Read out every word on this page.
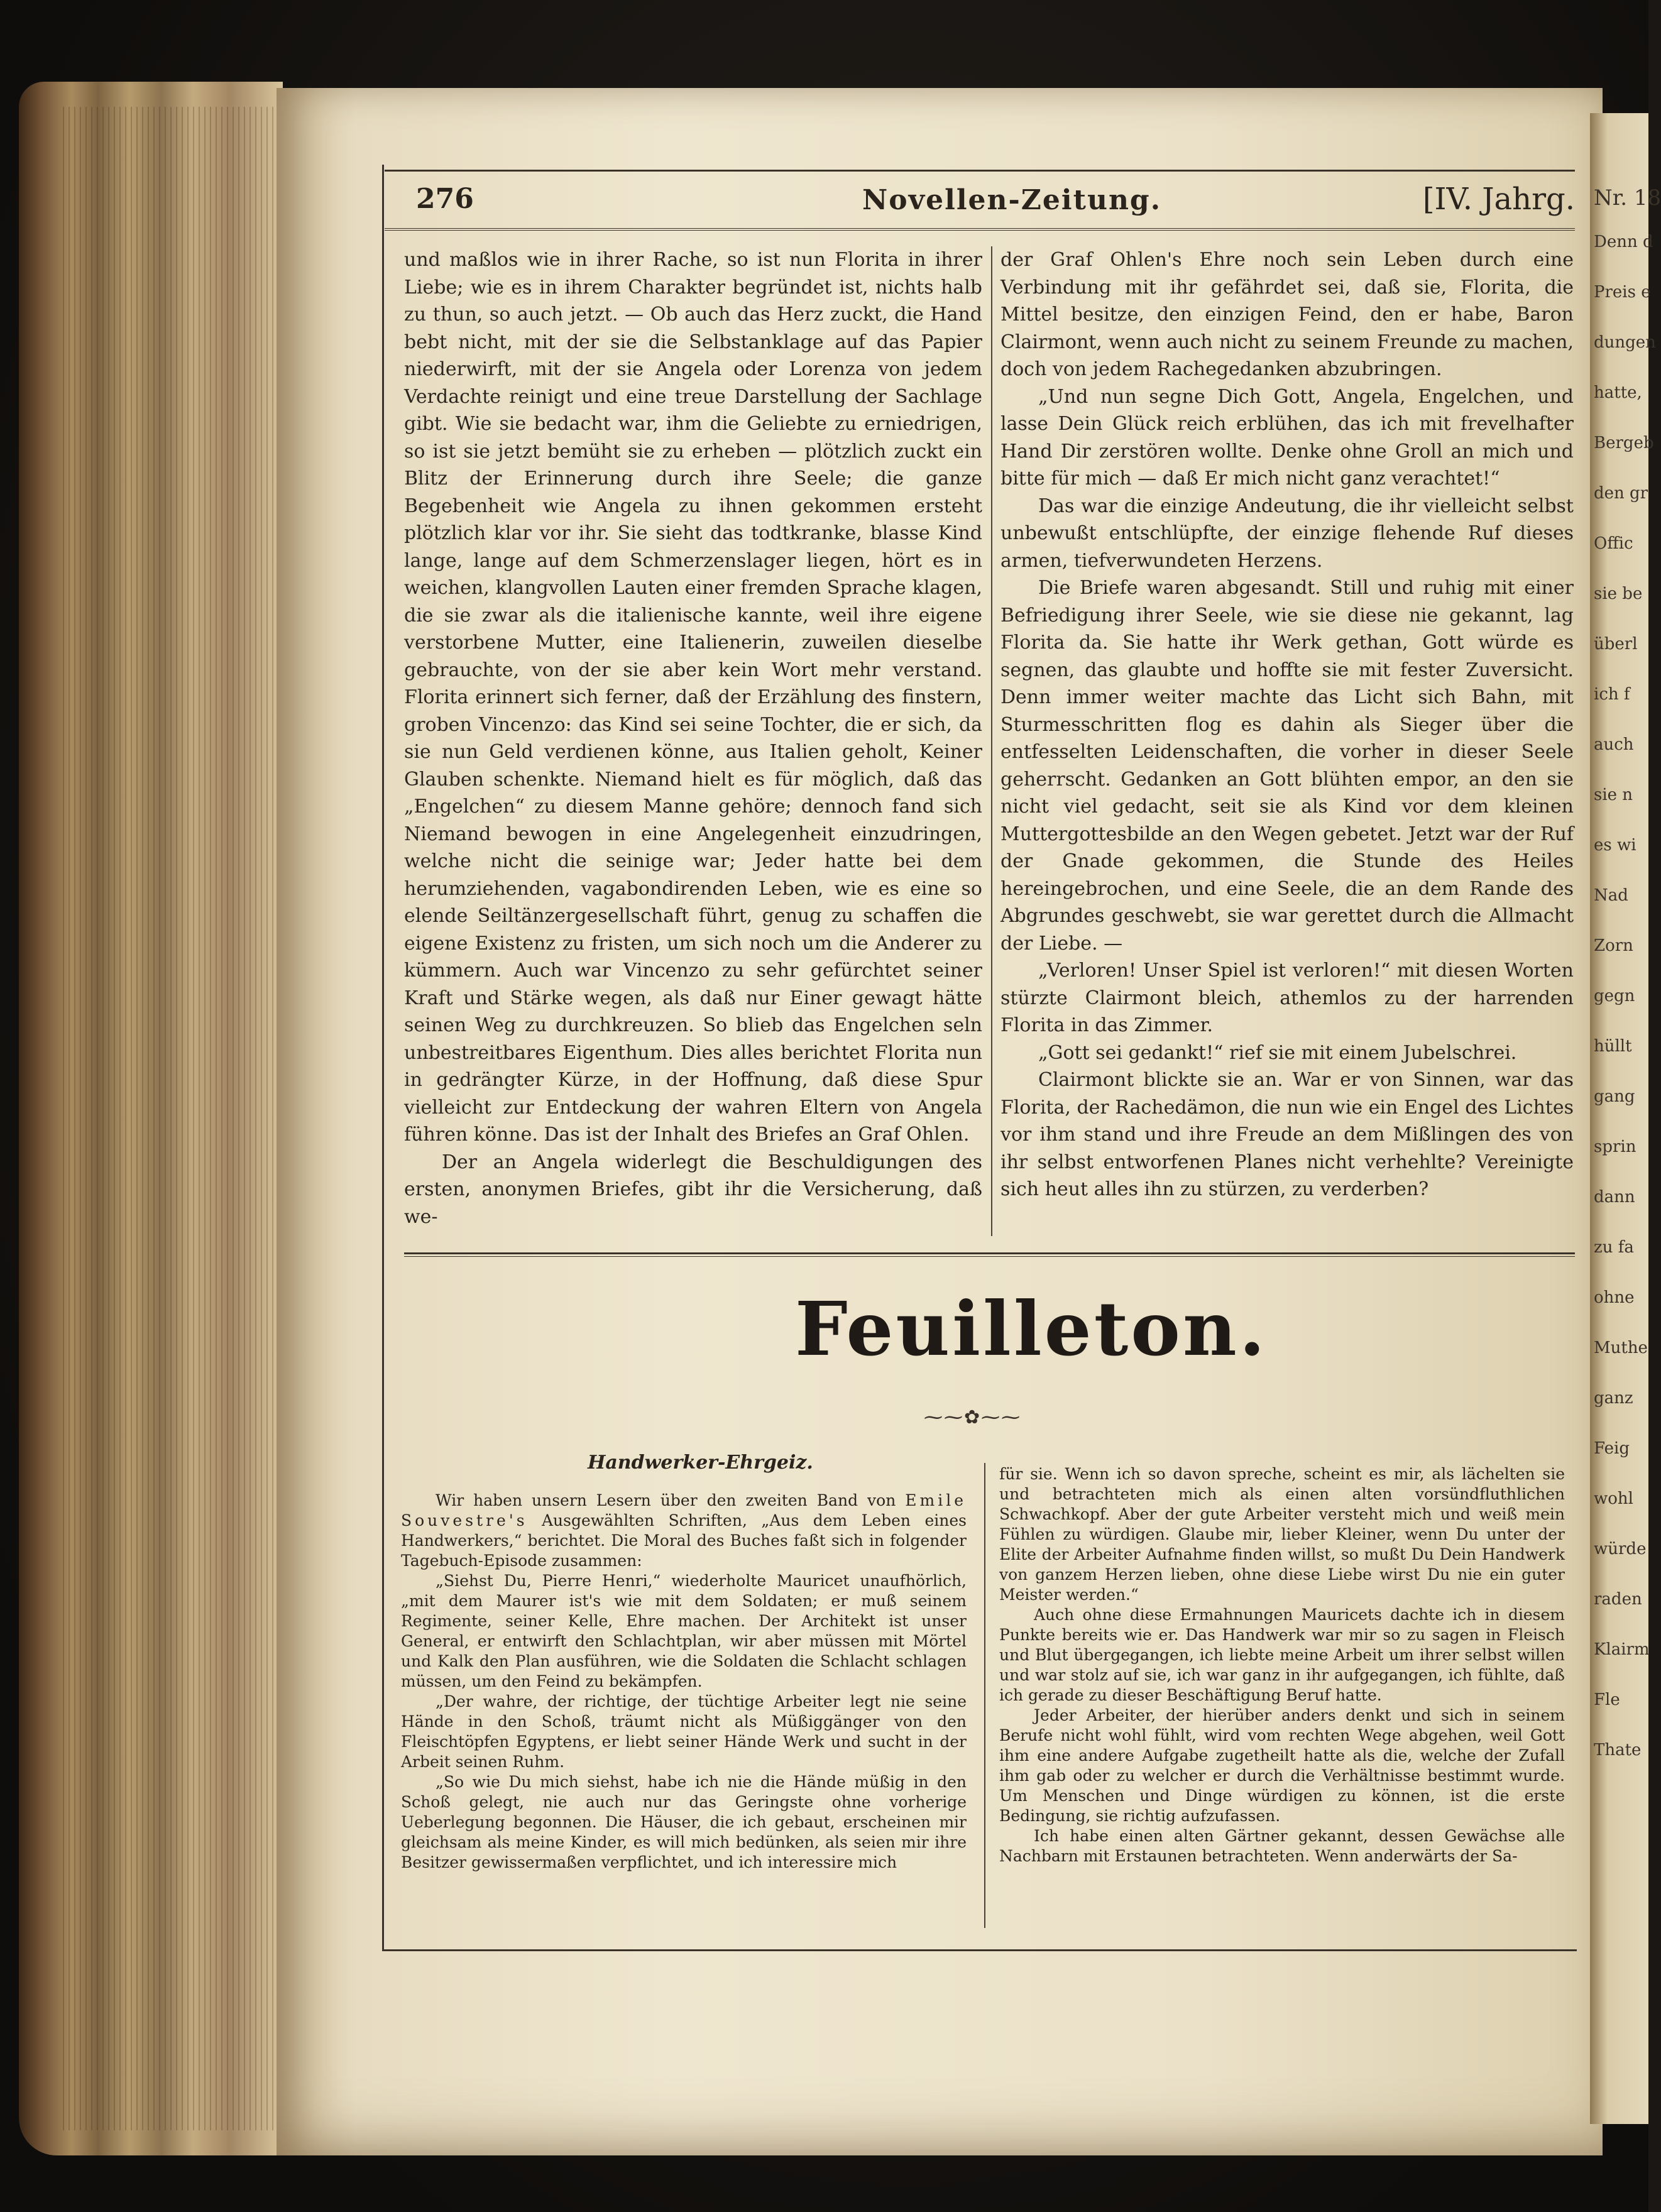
Nr. 18
Denn d
Preis e
dungen
hatte,
Bergeb
den gr
Offic
sie be
überl
ich f
auch
sie n
es wi
Nad
Zorn
gegn
hüllt
gang
sprin
dann
zu fa
ohne
Muthe
ganz
Feig
wohl
würde
raden
Klairm
Fle
Thate
276	Novellen-Zeitung.	[IV. Jahrg.

und maßlos wie in ihrer Rache, so ist nun Florita in ihrer Liebe; wie es in ihrem Charakter begründet ist, nichts halb zu thun, so auch jetzt. — Ob auch das Herz zuckt, die Hand bebt nicht, mit der sie die Selbstanklage auf das Papier niederwirft, mit der sie Angela oder Lorenza von jedem Verdachte reinigt und eine treue Darstellung der Sachlage gibt. Wie sie bedacht war, ihm die Geliebte zu erniedrigen, so ist sie jetzt bemüht sie zu erheben — plötzlich zuckt ein Blitz der Erinnerung durch ihre Seele; die ganze Begebenheit wie Angela zu ihnen gekommen ersteht plötzlich klar vor ihr. Sie sieht das todtkranke, blasse Kind lange, lange auf dem Schmerzenslager liegen, hört es in weichen, klangvollen Lauten einer fremden Sprache klagen, die sie zwar als die italienische kannte, weil ihre eigene verstorbene Mutter, eine Italienerin, zuweilen dieselbe gebrauchte, von der sie aber kein Wort mehr verstand. Florita erinnert sich ferner, daß der Erzählung des finstern, groben Vincenzo: das Kind sei seine Tochter, die er sich, da sie nun Geld verdienen könne, aus Italien geholt, Keiner Glauben schenkte. Niemand hielt es für möglich, daß das „Engelchen“ zu diesem Manne gehöre; dennoch fand sich Niemand bewogen in eine Angelegenheit einzudringen, welche nicht die seinige war; Jeder hatte bei dem herumziehenden, vagabondirenden Leben, wie es eine so elende Seiltänzergesellschaft führt, genug zu schaffen die eigene Existenz zu fristen, um sich noch um die Anderer zu kümmern. Auch war Vincenzo zu sehr gefürchtet seiner Kraft und Stärke wegen, als daß nur Einer gewagt hätte seinen Weg zu durchkreuzen. So blieb das Engelchen seln unbestreitbares Eigenthum. Dies alles berichtet Florita nun in gedrängter Kürze, in der Hoffnung, daß diese Spur vielleicht zur Entdeckung der wahren Eltern von Angela führen könne. Das ist der Inhalt des Briefes an Graf Ohlen.

Der an Angela widerlegt die Beschuldigungen des ersten, anonymen Briefes, gibt ihr die Versicherung, daß we-

der Graf Ohlen's Ehre noch sein Leben durch eine Verbindung mit ihr gefährdet sei, daß sie, Florita, die Mittel besitze, den einzigen Feind, den er habe, Baron Clairmont, wenn auch nicht zu seinem Freunde zu machen, doch von jedem Rachegedanken abzubringen.

„Und nun segne Dich Gott, Angela, Engelchen, und lasse Dein Glück reich erblühen, das ich mit frevelhafter Hand Dir zerstören wollte. Denke ohne Groll an mich und bitte für mich — daß Er mich nicht ganz verachtet!“

Das war die einzige Andeutung, die ihr vielleicht selbst unbewußt entschlüpfte, der einzige flehende Ruf dieses armen, tiefverwundeten Herzens.

Die Briefe waren abgesandt. Still und ruhig mit einer Befriedigung ihrer Seele, wie sie diese nie gekannt, lag Florita da. Sie hatte ihr Werk gethan, Gott würde es segnen, das glaubte und hoffte sie mit fester Zuversicht. Denn immer weiter machte das Licht sich Bahn, mit Sturmesschritten flog es dahin als Sieger über die entfesselten Leidenschaften, die vorher in dieser Seele geherrscht. Gedanken an Gott blühten empor, an den sie nicht viel gedacht, seit sie als Kind vor dem kleinen Muttergottesbilde an den Wegen gebetet. Jetzt war der Ruf der Gnade gekommen, die Stunde des Heiles hereingebrochen, und eine Seele, die an dem Rande des Abgrundes geschwebt, sie war gerettet durch die Allmacht der Liebe. —

„Verloren! Unser Spiel ist verloren!“ mit diesen Worten stürzte Clairmont bleich, athemlos zu der harrenden Florita in das Zimmer.

„Gott sei gedankt!“ rief sie mit einem Jubelschrei.

Clairmont blickte sie an. War er von Sinnen, war das Florita, der Rachedämon, die nun wie ein Engel des Lichtes vor ihm stand und ihre Freude an dem Mißlingen des von ihr selbst entworfenen Planes nicht verhehlte? Vereinigte sich heut alles ihn zu stürzen, zu verderben?

Feuilleton.
⁓⁓✿⁓⁓
Handwerker-Ehrgeiz.

Wir haben unsern Lesern über den zweiten Band von Emile Souvestre's Ausgewählten Schriften, „Aus dem Leben eines Handwerkers,“ berichtet. Die Moral des Buches faßt sich in folgender Tagebuch-Episode zusammen:

„Siehst Du, Pierre Henri,“ wiederholte Mauricet unaufhörlich, „mit dem Maurer ist's wie mit dem Soldaten; er muß seinem Regimente, seiner Kelle, Ehre machen. Der Architekt ist unser General, er entwirft den Schlachtplan, wir aber müssen mit Mörtel und Kalk den Plan ausführen, wie die Soldaten die Schlacht schlagen müssen, um den Feind zu bekämpfen.

„Der wahre, der richtige, der tüchtige Arbeiter legt nie seine Hände in den Schoß, träumt nicht als Müßiggänger von den Fleischtöpfen Egyptens, er liebt seiner Hände Werk und sucht in der Arbeit seinen Ruhm.

„So wie Du mich siehst, habe ich nie die Hände müßig in den Schoß gelegt, nie auch nur das Geringste ohne vorherige Ueberlegung begonnen. Die Häuser, die ich gebaut, erscheinen mir gleichsam als meine Kinder, es will mich bedünken, als seien mir ihre Besitzer gewissermaßen verpflichtet, und ich interessire mich

für sie. Wenn ich so davon spreche, scheint es mir, als lächelten sie und betrachteten mich als einen alten vorsündfluthlichen Schwachkopf. Aber der gute Arbeiter versteht mich und weiß mein Fühlen zu würdigen. Glaube mir, lieber Kleiner, wenn Du unter der Elite der Arbeiter Aufnahme finden willst, so mußt Du Dein Handwerk von ganzem Herzen lieben, ohne diese Liebe wirst Du nie ein guter Meister werden.“

Auch ohne diese Ermahnungen Mauricets dachte ich in diesem Punkte bereits wie er. Das Handwerk war mir so zu sagen in Fleisch und Blut übergegangen, ich liebte meine Arbeit um ihrer selbst willen und war stolz auf sie, ich war ganz in ihr aufgegangen, ich fühlte, daß ich gerade zu dieser Beschäftigung Beruf hatte.

Jeder Arbeiter, der hierüber anders denkt und sich in seinem Berufe nicht wohl fühlt, wird vom rechten Wege abgehen, weil Gott ihm eine andere Aufgabe zugetheilt hatte als die, welche der Zufall ihm gab oder zu welcher er durch die Verhältnisse bestimmt wurde. Um Menschen und Dinge würdigen zu können, ist die erste Bedingung, sie richtig aufzufassen.

Ich habe einen alten Gärtner gekannt, dessen Gewächse alle Nachbarn mit Erstaunen betrachteten. Wenn anderwärts der Sa-
